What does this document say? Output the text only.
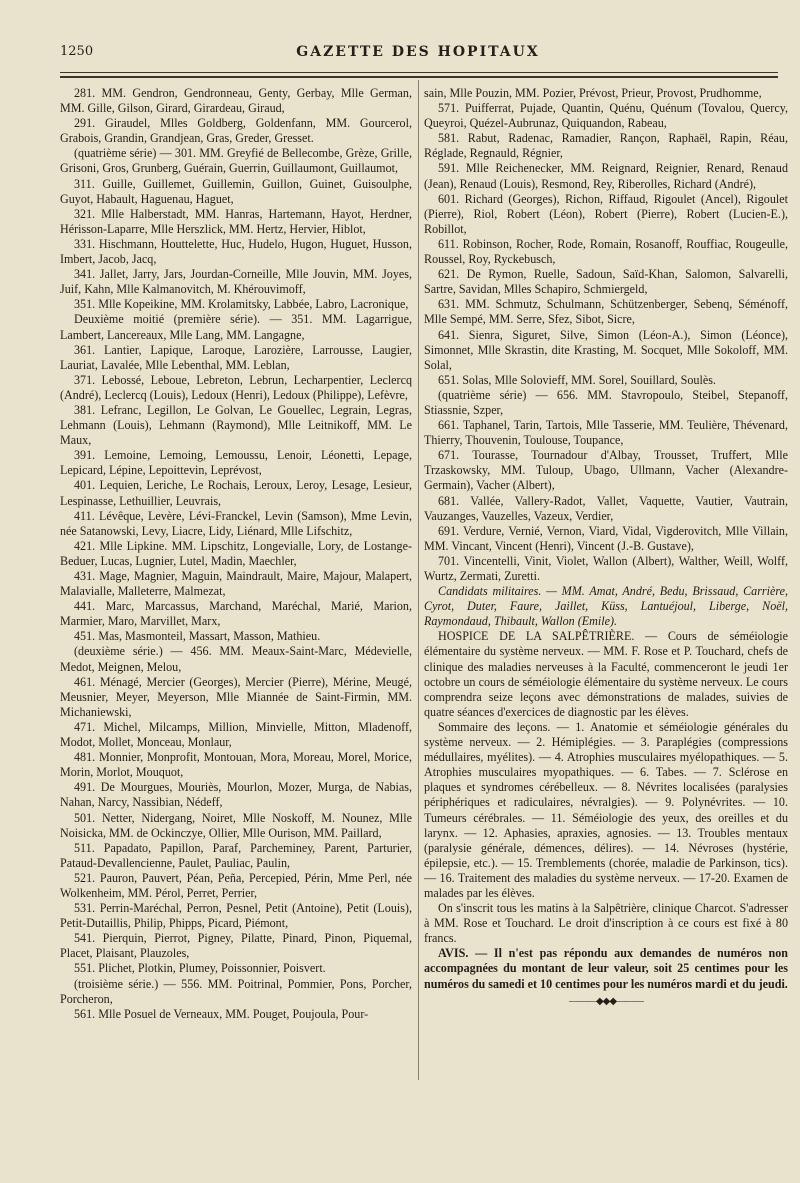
1250	GAZETTE DES HOPITAUX

281. MM. Gendron, Gendronneau, Genty, Gerbay, Mlle German, MM. Gille, Gilson, Girard, Girardeau, Giraud,

291. Giraudel, Mlles Goldberg, Goldenfann, MM. Gourcerol, Grabois, Grandin, Grandjean, Gras, Greder, Gresset.

(quatrième série) — 301. MM. Greyfié de Bellecombe, Grèze, Grille, Grisoni, Gros, Grunberg, Guérain, Guerrin, Guillaumont, Guillaumot,

311. Guille, Guillemet, Guillemin, Guillon, Guinet, Guisoulphe, Guyot, Habault, Haguenau, Haguet,

321. Mlle Halberstadt, MM. Hanras, Hartemann, Hayot, Herdner, Hérisson-Laparre, Mlle Herszlick, MM. Hertz, Hervier, Hiblot,

331. Hischmann, Houttelette, Huc, Hudelo, Hugon, Huguet, Husson, Imbert, Jacob, Jacq,

341. Jallet, Jarry, Jars, Jourdan-Corneille, Mlle Jouvin, MM. Joyes, Juif, Kahn, Mlle Kalmanovitch, M. Khérouvimoff,

351. Mlle Kopeikine, MM. Krolamitsky, Labbée, Labro, Lacronique,

Deuxième moitié (première série). — 351. MM. Lagarrigue, Lambert, Lancereaux, Mlle Lang, MM. Langagne,

361. Lantier, Lapique, Laroque, Larozière, Larrousse, Laugier, Lauriat, Lavalée, Mlle Lebenthal, MM. Leblan,

371. Lebossé, Leboue, Lebreton, Lebrun, Lecharpentier, Leclercq (André), Leclercq (Louis), Ledoux (Henri), Ledoux (Philippe), Lefèvre,

381. Lefranc, Legillon, Le Golvan, Le Gouellec, Legrain, Legras, Lehmann (Louis), Lehmann (Raymond), Mlle Leitnikoff, MM. Le Maux,

391. Lemoine, Lemoing, Lemoussu, Lenoir, Léonetti, Lepage, Lepicard, Lépine, Lepoittevin, Leprévost,

401. Lequien, Leriche, Le Rochais, Leroux, Leroy, Lesage, Lesieur, Lespinasse, Lethuillier, Leuvrais,

411. Lévêque, Levère, Lévi-Franckel, Levin (Samson), Mme Levin, née Satanowski, Levy, Liacre, Lidy, Liénard, Mlle Lifschitz,

421. Mlle Lipkine. MM. Lipschitz, Longevialle, Lory, de Lostange-Beduer, Lucas, Lugnier, Lutel, Madin, Maechler,

431. Mage, Magnier, Maguin, Maindrault, Maire, Majour, Malapert, Malavialle, Malleterre, Malmezat,

441. Marc, Marcassus, Marchand, Maréchal, Marié, Marion, Marmier, Maro, Marvillet, Marx,

451. Mas, Masmonteil, Massart, Masson, Mathieu.

(deuxième série.) — 456. MM. Meaux-Saint-Marc, Médevielle, Medot, Meignen, Melou,

461. Ménagé, Mercier (Georges), Mercier (Pierre), Mérine, Meugé, Meusnier, Meyer, Meyerson, Mlle Miannée de Saint-Firmin, MM. Michaniewski,

471. Michel, Milcamps, Million, Minvielle, Mitton, Mladenoff, Modot, Mollet, Monceau, Monlaur,

481. Monnier, Monprofit, Montouan, Mora, Moreau, Morel, Morice, Morin, Morlot, Mouquot,

491. De Mourgues, Mouriès, Mourlon, Mozer, Murga, de Nabias, Nahan, Narcy, Nassibian, Nédeff,

501. Netter, Nidergang, Noiret, Mlle Noskoff, M. Nounez, Mlle Noisicka, MM. de Ockinczye, Ollier, Mlle Ourison, MM. Paillard,

511. Papadato, Papillon, Paraf, Parchemineу, Parent, Parturier, Pataud-Devallencienne, Paulet, Pauliac, Paulin,

521. Pauron, Pauvert, Péan, Peña, Percepied, Périn, Mme Perl, née Wolkenheim, MM. Pérol, Perret, Perrier,

531. Perrin-Maréchal, Perron, Pesnel, Petit (Antoine), Petit (Louis), Petit-Dutaillis, Philip, Phipps, Picard, Piémont,

541. Pierquin, Pierrot, Pigney, Pilatte, Pinard, Pinon, Piquemal, Placet, Plaisant, Plauzoles,

551. Plichet, Plotkin, Plumey, Poissonnier, Poisvert.

(troisième série.) — 556. MM. Poitrinal, Pommier, Pons, Porcher, Porcheron,

561. Mlle Posuel de Verneaux, MM. Pouget, Poujoula, Pour-

sain, Mlle Pouzin, MM. Pozier, Prévost, Prieur, Provost, Prudhomme,

571. Puifferrat, Pujade, Quantin, Quénu, Quénum (Tovalou, Quercy, Queyroi, Quézel-Aubrunaz, Quiquandon, Rabeau,

581. Rabut, Radenac, Ramadier, Rançon, Raphaël, Rapin, Réau, Réglade, Regnauld, Régnier,

591. Mlle Reichenecker, MM. Reignard, Reignier, Renard, Renaud (Jean), Renaud (Louis), Resmond, Rey, Riberolles, Richard (André),

601. Richard (Georges), Richon, Riffaud, Rigoulet (Ancel), Rigoulet (Pierre), Riol, Robert (Léon), Robert (Pierre), Robert (Lucien-E.), Robillot,

611. Robinson, Rocher, Rode, Romain, Rosanoff, Rouffiac, Rougeulle, Roussel, Roy, Ryckebusch,

621. De Rymon, Ruelle, Sadoun, Saïd-Khan, Salomon, Salvarelli, Sartre, Savidan, Mlles Schapiro, Schmiergeld,

631. MM. Schmutz, Schulmann, Schützenberger, Sebenq, Séménoff, Mlle Sempé, MM. Serre, Sfez, Sibot, Sicre,

641. Sienra, Siguret, Silve, Simon (Léon-A.), Simon (Léonce), Simonnet, Mlle Skrastin, dite Krasting, M. Socquet, Mlle Sokoloff, MM. Solal,

651. Solas, Mlle Solovieff, MM. Sorel, Souillard, Soulès.

(quatrième série) — 656. MM. Stavropoulo, Steibel, Stepanoff, Stiassnie, Szper,

661. Taphanel, Tarin, Tartois, Mlle Tasserie, MM. Teulière, Thévenard, Thierry, Thouvenin, Toulouse, Toupance,

671. Tourasse, Tournadour d'Albay, Trousset, Truffert, Mlle Trzaskowsky, MM. Tuloup, Ubago, Ullmann, Vacher (Alexandre-Germain), Vacher (Albert),

681. Vallée, Vallery-Radot, Vallet, Vaquette, Vautier, Vautrain, Vauzanges, Vauzelles, Vazeux, Verdier,

691. Verdure, Vernié, Vernon, Viard, Vidal, Vigderovitch, Mlle Villain, MM. Vincant, Vincent (Henri), Vincent (J.-B. Gustave),

701. Vincentelli, Vinit, Violet, Wallon (Albert), Walther, Weill, Wolff, Wurtz, Zermati, Zuretti.

Candidats militaires. — MM. Amat, André, Bedu, Brissaud, Carrière, Cyrot, Duter, Faure, Jaillet, Küss, Lantuéjoul, Liberge, Noël, Raymondaud, Thibault, Wallon (Emile).

HOSPICE DE LA SALPÊTRIÈRE. — Cours de séméiologie élémentaire du système nerveux. — MM. F. Rose et P. Touchard, chefs de clinique des maladies nerveuses à la Faculté, commenceront le jeudi 1er octobre un cours de séméiologie élémentaire du système nerveux. Le cours comprendra seize leçons avec démonstrations de malades, suivies de quatre séances d'exercices de diagnostic par les élèves.

Sommaire des leçons. — 1. Anatomie et séméiologie générales du système nerveux. — 2. Hémiplégies. — 3. Paraplégies (compressions médullaires, myélites). — 4. Atrophies musculaires myélopathiques. — 5. Atrophies musculaires myopathiques. — 6. Tabes. — 7. Sclérose en plaques et syndromes cérébelleux. — 8. Névrites localisées (paralysies périphériques et radiculaires, névralgies). — 9. Polynévrites. — 10. Tumeurs cérébrales. — 11. Séméiologie des yeux, des oreilles et du larynx. — 12. Aphasies, apraxies, agnosies. — 13. Troubles mentaux (paralysie générale, démences, délires). — 14. Névroses (hystérie, épilepsie, etc.). — 15. Tremblements (chorée, maladie de Parkinson, tics). — 16. Traitement des maladies du système nerveux. — 17-20. Examen de malades par les élèves.

On s'inscrit tous les matins à la Salpêtrière, clinique Charcot. S'adresser à MM. Rose et Touchard. Le droit d'inscription à ce cours est fixé à 80 francs.

AVIS. — Il n'est pas répondu aux demandes de numéros non accompagnées du montant de leur valeur, soit 25 centimes pour les numéros du samedi et 10 centimes pour les numéros mardi et du jeudi.

———◆◆◆———
